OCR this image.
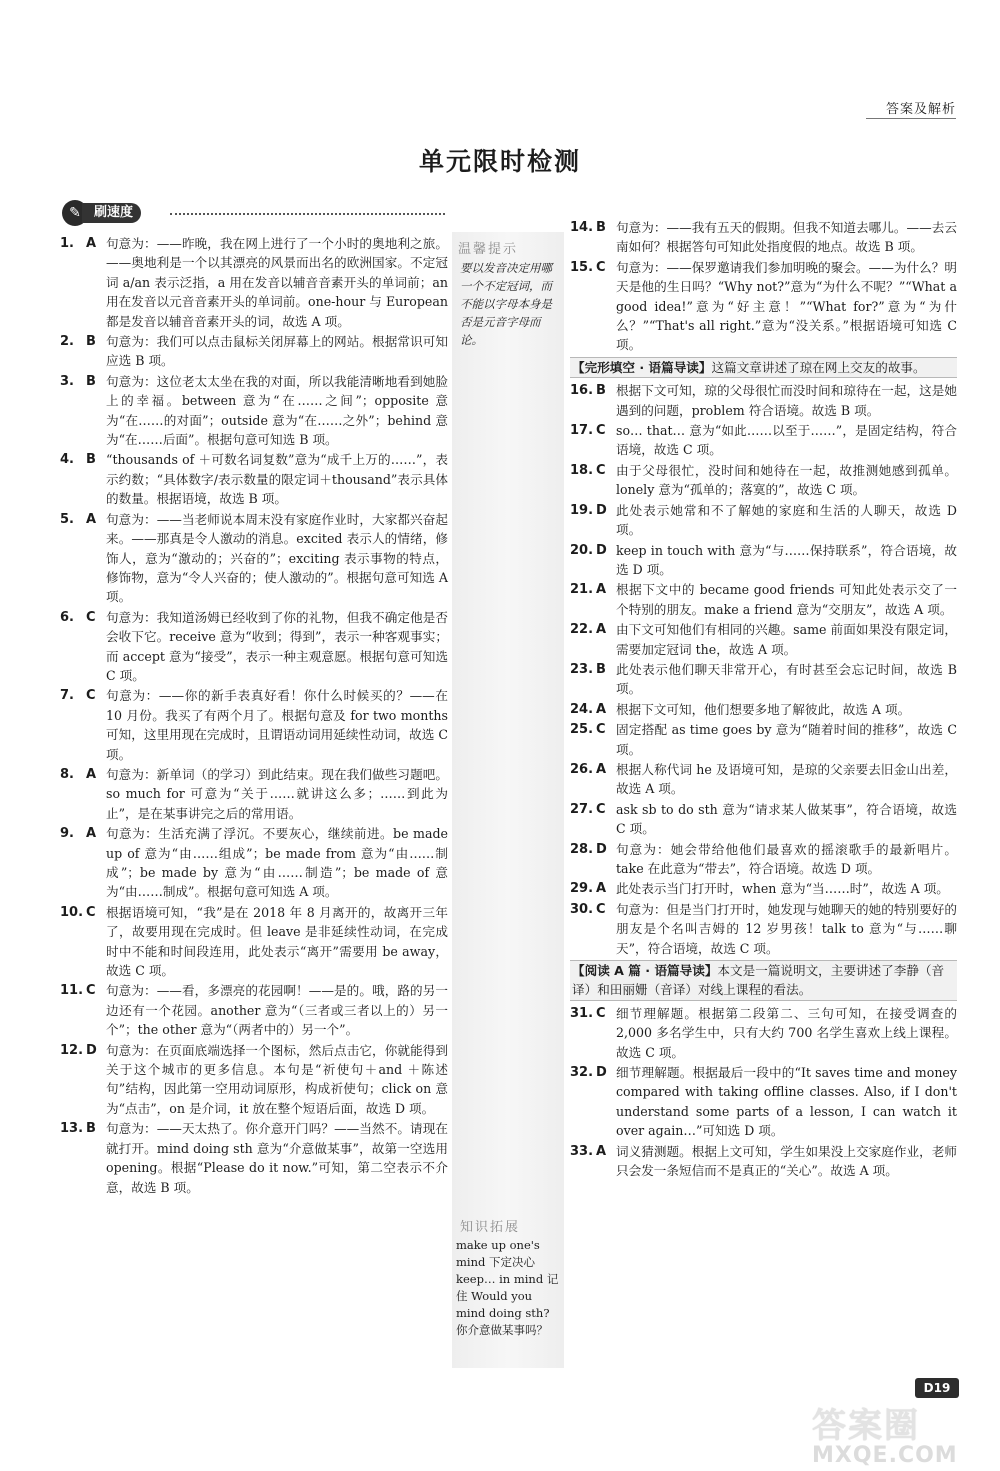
答案及解析
单元限时检测
✎	刷速度
1. A 句意为：——昨晚，我在网上进行了一个小时的奥地利之旅。——奥地利是一个以其漂亮的风景而出名的欧洲国家。不定冠词 a/an 表示泛指，a 用在发音以辅音音素开头的单词前；an 用在发音以元音音素开头的单词前。one-hour 与 European 都是发音以辅音音素开头的词，故选 A 项。
2. B 句意为：我们可以点击鼠标关闭屏幕上的网站。根据常识可知应选 B 项。
3. B 句意为：这位老太太坐在我的对面，所以我能清晰地看到她脸上的幸福。between 意为“在……之间”；opposite 意为“在……的对面”；outside 意为“在……之外”；behind 意为“在……后面”。根据句意可知选 B 项。
4. B “thousands of ＋可数名词复数”意为“成千上万的……”，表示约数；“具体数字/表示数量的限定词＋thousand”表示具体的数量。根据语境，故选 B 项。
5. A 句意为：——当老师说本周末没有家庭作业时，大家都兴奋起来。——那真是令人激动的消息。excited 表示人的情绪，修饰人，意为“激动的；兴奋的”；exciting 表示事物的特点，修饰物，意为“令人兴奋的；使人激动的”。根据句意可知选 A 项。
6. C 句意为：我知道汤姆已经收到了你的礼物，但我不确定他是否会收下它。receive 意为“收到；得到”，表示一种客观事实；而 accept 意为“接受”，表示一种主观意愿。根据句意可知选 C 项。
7. C 句意为：——你的新手表真好看！你什么时候买的？——在 10 月份。我买了有两个月了。根据句意及 for two months 可知，这里用现在完成时，且谓语动词用延续性动词，故选 C 项。
8. A 句意为：新单词（的学习）到此结束。现在我们做些习题吧。so much for 可意为“关于……就讲这么多；……到此为止”，是在某事讲完之后的常用语。
9. A 句意为：生活充满了浮沉。不要灰心，继续前进。be made up of 意为“由……组成”；be made from 意为“由……制成”；be made by 意为“由……制造”；be made of 意为“由……制成”。根据句意可知选 A 项。
10. C 根据语境可知，“我”是在 2018 年 8 月离开的，故离开三年了，故要用现在完成时。但 leave 是非延续性动词，在完成时中不能和时间段连用，此处表示“离开”需要用 be away，故选 C 项。
11. C 句意为：——看，多漂亮的花园啊！——是的。哦，路的另一边还有一个花园。another 意为“（三者或三者以上的）另一个”；the other 意为“（两者中的）另一个”。
12. D 句意为：在页面底端选择一个图标，然后点击它，你就能得到关于这个城市的更多信息。本句是“祈使句＋and ＋陈述句”结构，因此第一空用动词原形，构成祈使句；click on 意为“点击”，on 是介词，it 放在整个短语后面，故选 D 项。
13. B 句意为：——天太热了。你介意开门吗？——当然不。请现在就打开。mind doing sth 意为“介意做某事”，故第一空选用 opening。根据“Please do it now.”可知，第二空表示不介意，故选 B 项。
温馨提示
要以发音决定用哪一个不定冠词，而不能以字母本身是否是元音字母而论。
知识拓展
make up one's mind 下定决心 keep… in mind 记住 Would you mind doing sth? 你介意做某事吗？
14. B 句意为：——我有五天的假期。但我不知道去哪儿。——去云南如何？根据答句可知此处指度假的地点。故选 B 项。
15. C 句意为：——保罗邀请我们参加明晚的聚会。——为什么？明天是他的生日吗？“Why not?”意为“为什么不呢？”“What a good idea!”意为“好主意！”“What for?”意为“为什么？”“That's all right.”意为“没关系。”根据语境可知选 C 项。
【完形填空 · 语篇导读】这篇文章讲述了琼在网上交友的故事。
16. B 根据下文可知，琼的父母很忙而没时间和琼待在一起，这是她遇到的问题，problem 符合语境。故选 B 项。
17. C so… that… 意为“如此……以至于……”，是固定结构，符合语境，故选 C 项。
18. C 由于父母很忙，没时间和她待在一起，故推测她感到孤单。lonely 意为“孤单的；落寞的”，故选 C 项。
19. D 此处表示她常和不了解她的家庭和生活的人聊天，故选 D 项。
20. D keep in touch with 意为“与……保持联系”，符合语境，故选 D 项。
21. A 根据下文中的 became good friends 可知此处表示交了一个特别的朋友。make a friend 意为“交朋友”，故选 A 项。
22. A 由下文可知他们有相同的兴趣。same 前面如果没有限定词，需要加定冠词 the，故选 A 项。
23. B 此处表示他们聊天非常开心，有时甚至会忘记时间，故选 B 项。
24. A 根据下文可知，他们想要多地了解彼此，故选 A 项。
25. C 固定搭配 as time goes by 意为“随着时间的推移”，故选 C 项。
26. A 根据人称代词 he 及语境可知，是琼的父亲要去旧金山出差，故选 A 项。
27. C ask sb to do sth 意为“请求某人做某事”，符合语境，故选 C 项。
28. D 句意为：她会带给他他们最喜欢的摇滚歌手的最新唱片。take 在此意为“带去”，符合语境。故选 D 项。
29. A 此处表示当门打开时，when 意为“当……时”，故选 A 项。
30. C 句意为：但是当门打开时，她发现与她聊天的她的特别要好的朋友是个名叫吉姆的 12 岁男孩！talk to 意为“与……聊天”，符合语境，故选 C 项。
【阅读 A 篇 · 语篇导读】本文是一篇说明文，主要讲述了李静（音译）和田丽姗（音译）对线上课程的看法。
31. C 细节理解题。根据第二段第二、三句可知，在接受调查的 2,000 多名学生中，只有大约 700 名学生喜欢上线上课程。故选 C 项。
32. D 细节理解题。根据最后一段中的“It saves time and money compared with taking offline classes. Also, if I don't understand some parts of a lesson, I can watch it over again…”可知选 D 项。
33. A 词义猜测题。根据上文可知，学生如果没上交家庭作业，老师只会发一条短信而不是真正的“关心”。故选 A 项。
D19
答案圈
MXQE.COM
